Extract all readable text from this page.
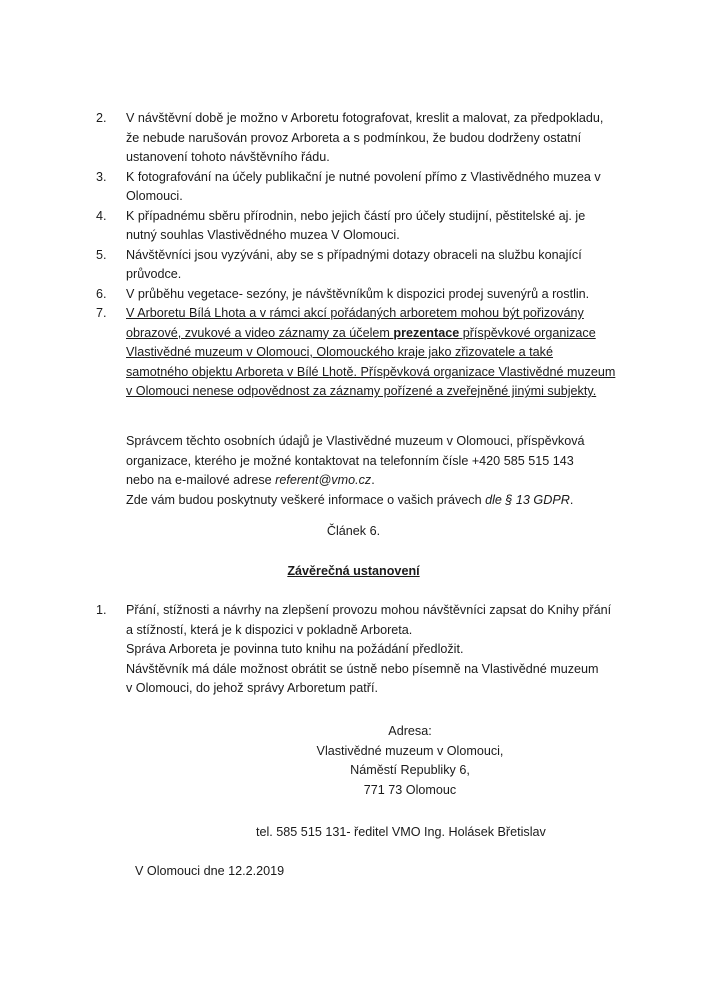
2.	V návštěvní době je možno v Arboretu fotografovat, kreslit a malovat, za předpokladu, že nebude narušován provoz Arboreta a s podmínkou, že budou dodrženy ostatní ustanovení tohoto návštěvního řádu.
3.	K fotografování na účely publikační je nutné povolení přímo z Vlastivědného muzea v Olomouci.
4.	K případnému sběru přírodnin, nebo jejich částí pro účely studijní, pěstitelské aj. je nutný souhlas Vlastivědného muzea V Olomouci.
5.	Návštěvníci jsou vyzýváni, aby se s případnými dotazy obraceli na službu konající průvodce.
6.	V průběhu vegetace- sezóny, je návštěvníkům k dispozici prodej suvenýrů a rostlin.
7.	V Arboretu Bílá Lhota a v rámci akcí pořádaných arboretem mohou být pořizovány obrazové, zvukové a video záznamy za účelem prezentace příspěvkové organizace Vlastivědné muzeum v Olomouci, Olomouckého kraje jako zřizovatele a také samotného objektu Arboreta v Bílé Lhotě. Příspěvková organizace Vlastivědné muzeum v Olomouci nenese odpovědnost za záznamy pořízené a zveřejněné jinými subjekty.
Správcem těchto osobních údajů je Vlastivědné muzeum v Olomouci, příspěvková
organizace, kterého je možné kontaktovat na telefonním čísle +420 585 515 143
nebo na e-mailové adrese referent@vmo.cz.
Zde vám budou poskytnuty veškeré informace o vašich právech dle § 13 GDPR.
Článek 6.
Závěrečná ustanovení
1.	Přání, stížnosti a návrhy na zlepšení provozu mohou návštěvníci zapsat do Knihy přání
a stížností, která je k dispozici v pokladně Arboreta.
Správa Arboreta je povinna tuto knihu na požádání předložit.
Návštěvník má dále možnost obrátit se ústně nebo písemně na Vlastivědné muzeum
v Olomouci, do jehož správy Arboretum patří.
Adresa:
Vlastivědné muzeum v Olomouci,
Náměstí Republiky 6,
771 73 Olomouc
tel. 585 515 131- ředitel VMO Ing. Holásek Břetislav
V Olomouci dne 12.2.2019
